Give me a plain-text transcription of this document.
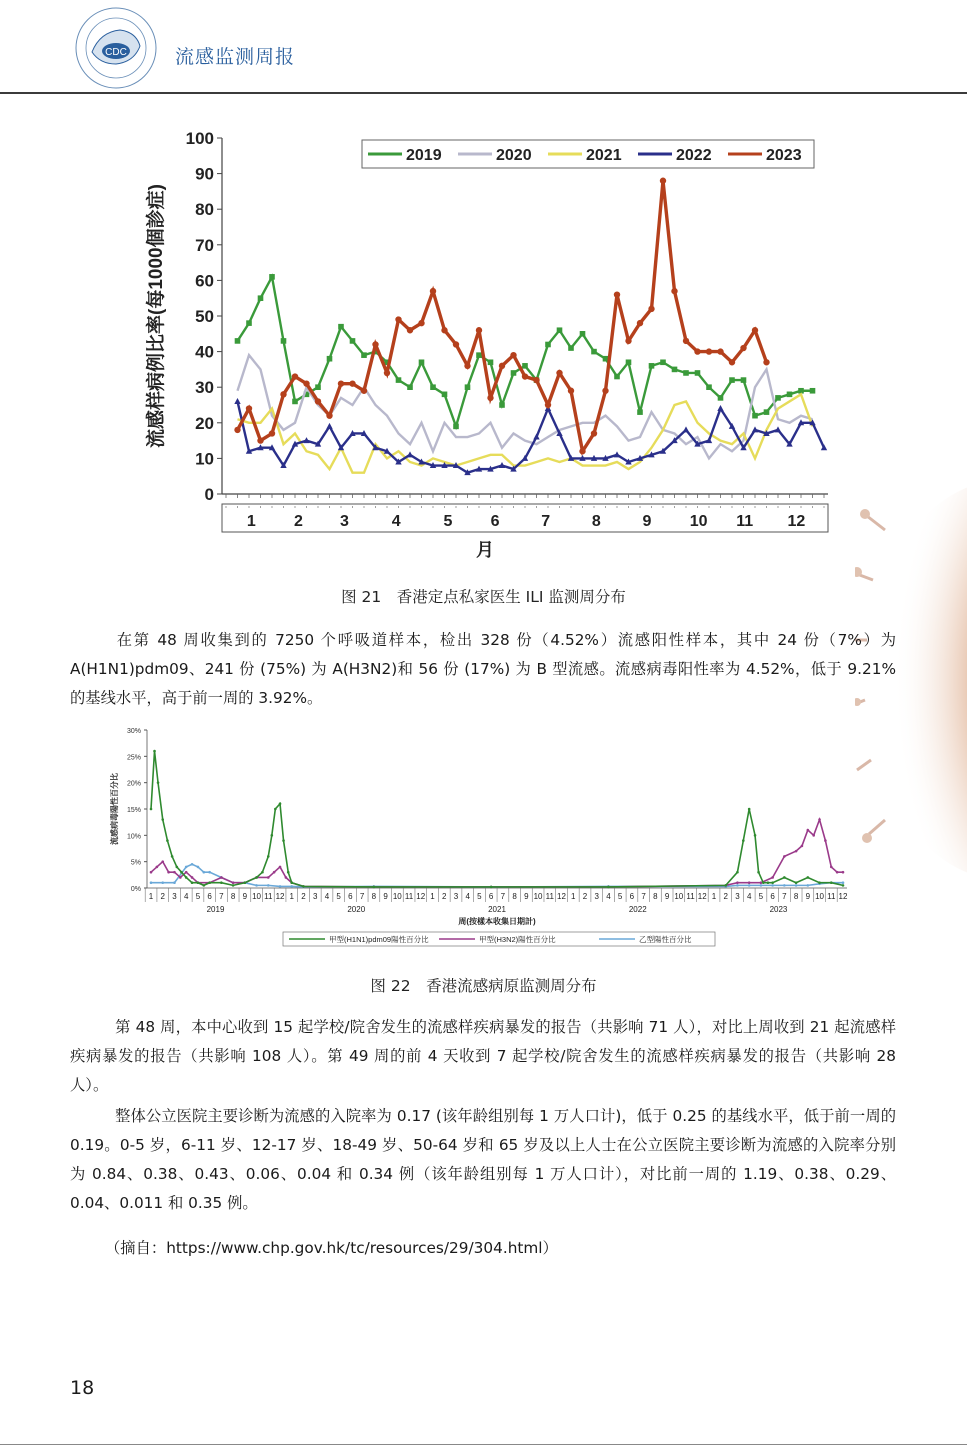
CDC	流感监测周报
0
10
20
30
40
50
60
70
80
90
100
1 2 3	4	5 6	7	8	9 10 11 12
月
流感样病例比率(每1000個診症)
2019	2020	2021	2022	2023
图 21　香港定点私家医生 ILI 监测周分布
在第 48 周收集到的 7250 个呼吸道样本，检出 328 份（4.52%）流感阳性样本，其中 24 份（7%）为 A(H1N1)pdm09、241 份 (75%) 为 A(H3N2)和 56 份 (17%) 为 B 型流感。流感病毒阳性率为 4.52%，低于 9.21%的基线水平，高于前一周的 3.92%。
0%
5%
10%
15%
20%
25%
30%
流感病毒陽性百分比
1 2 3 4 5 6 7 8 9 10 11 12 1 2 3 4 5 6 7 8 9 10 11 12 1 2 3 4 5 6 7 8 9 10 11 12 1 2 3 4 5 6 7 8 9 10 11 12 1 2 3 4 5 6 7 8 9 10 11 12
2019	2020	2021	2022	2023
周(按樣本收集日期計)
甲型(H1N1)pdm09陽性百分比	甲型(H3N2)陽性百分比	乙型陽性百分比
图 22　香港流感病原监测周分布
第 48 周，本中心收到 15 起学校/院舍发生的流感样疾病暴发的报告（共影响 71 人），对比上周收到 21 起流感样疾病暴发的报告（共影响 108 人）。第 49 周的前 4 天收到 7 起学校/院舍发生的流感样疾病暴发的报告（共影响 28 人）。
整体公立医院主要诊断为流感的入院率为 0.17 (该年龄组别每 1 万人口计)，低于 0.25 的基线水平，低于前一周的 0.19。0-5 岁，6-11 岁、12-17 岁、18-49 岁、50-64 岁和 65 岁及以上人士在公立医院主要诊断为流感的入院率分别为 0.84、0.38、0.43、0.06、0.04 和 0.34 例（该年龄组别每 1 万人口计），对比前一周的 1.19、0.38、0.29、0.04、0.011 和 0.35 例。
（摘自：https://www.chp.gov.hk/tc/resources/29/304.html）
18
